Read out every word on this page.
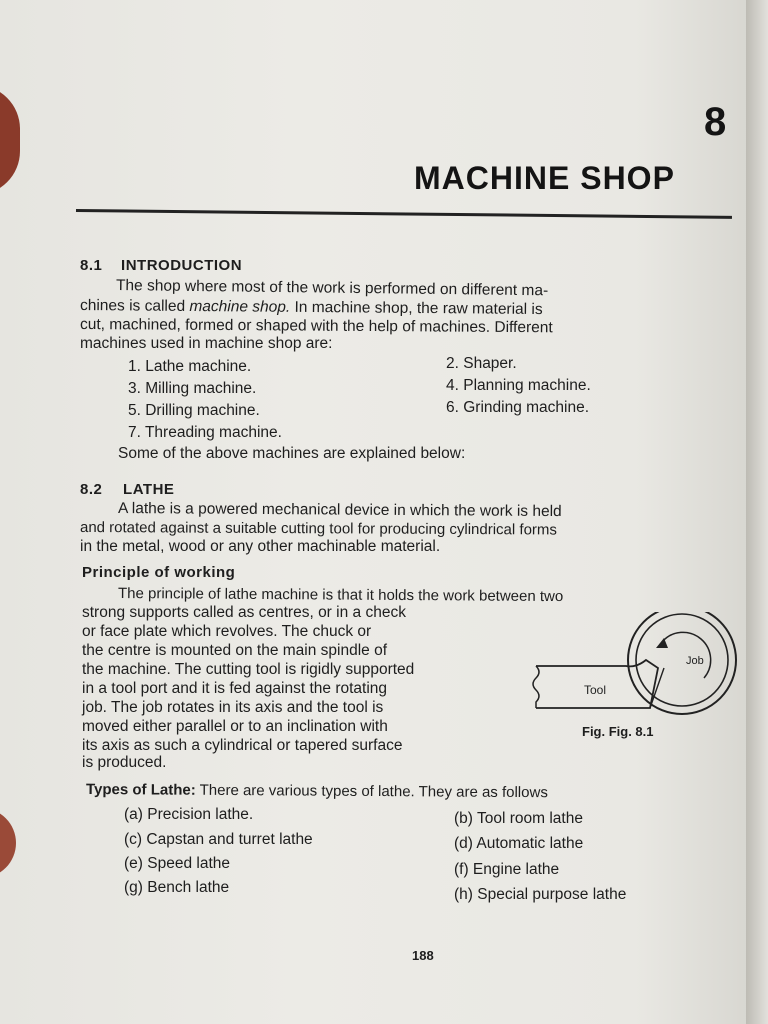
8
MACHINE SHOP
8.1 INTRODUCTION
The shop where most of the work is performed on different ma-
chines is called machine shop. In machine shop, the raw material is
cut, machined, formed or shaped with the help of machines. Different
machines used in machine shop are:
1. Lathe machine.	2. Shaper.
3. Milling machine.	4. Planning machine.
5. Drilling machine.	6. Grinding machine.
7. Threading machine.
Some of the above machines are explained below:
8.2 LATHE
A lathe is a powered mechanical device in which the work is held
and rotated against a suitable cutting tool for producing cylindrical forms
in the metal, wood or any other machinable material.
Principle of working
The principle of lathe machine is that it holds the work between two
strong supports called as centres, or in a check
or face plate which revolves. The chuck or
the centre is mounted on the main spindle of
the machine. The cutting tool is rigidly supported
in a tool port and it is fed against the rotating
job. The job rotates in its axis and the tool is
moved either parallel or to an inclination with
its axis as such a cylindrical or tapered surface
is produced.
Job
Tool
Fig. Fig. 8.1
Types of Lathe: There are various types of lathe. They are as follows
(a) Precision lathe.	(b) Tool room lathe
(c) Capstan and turret lathe	(d) Automatic lathe
(e) Speed lathe	(f) Engine lathe
(g) Bench lathe	(h) Special purpose lathe
188
